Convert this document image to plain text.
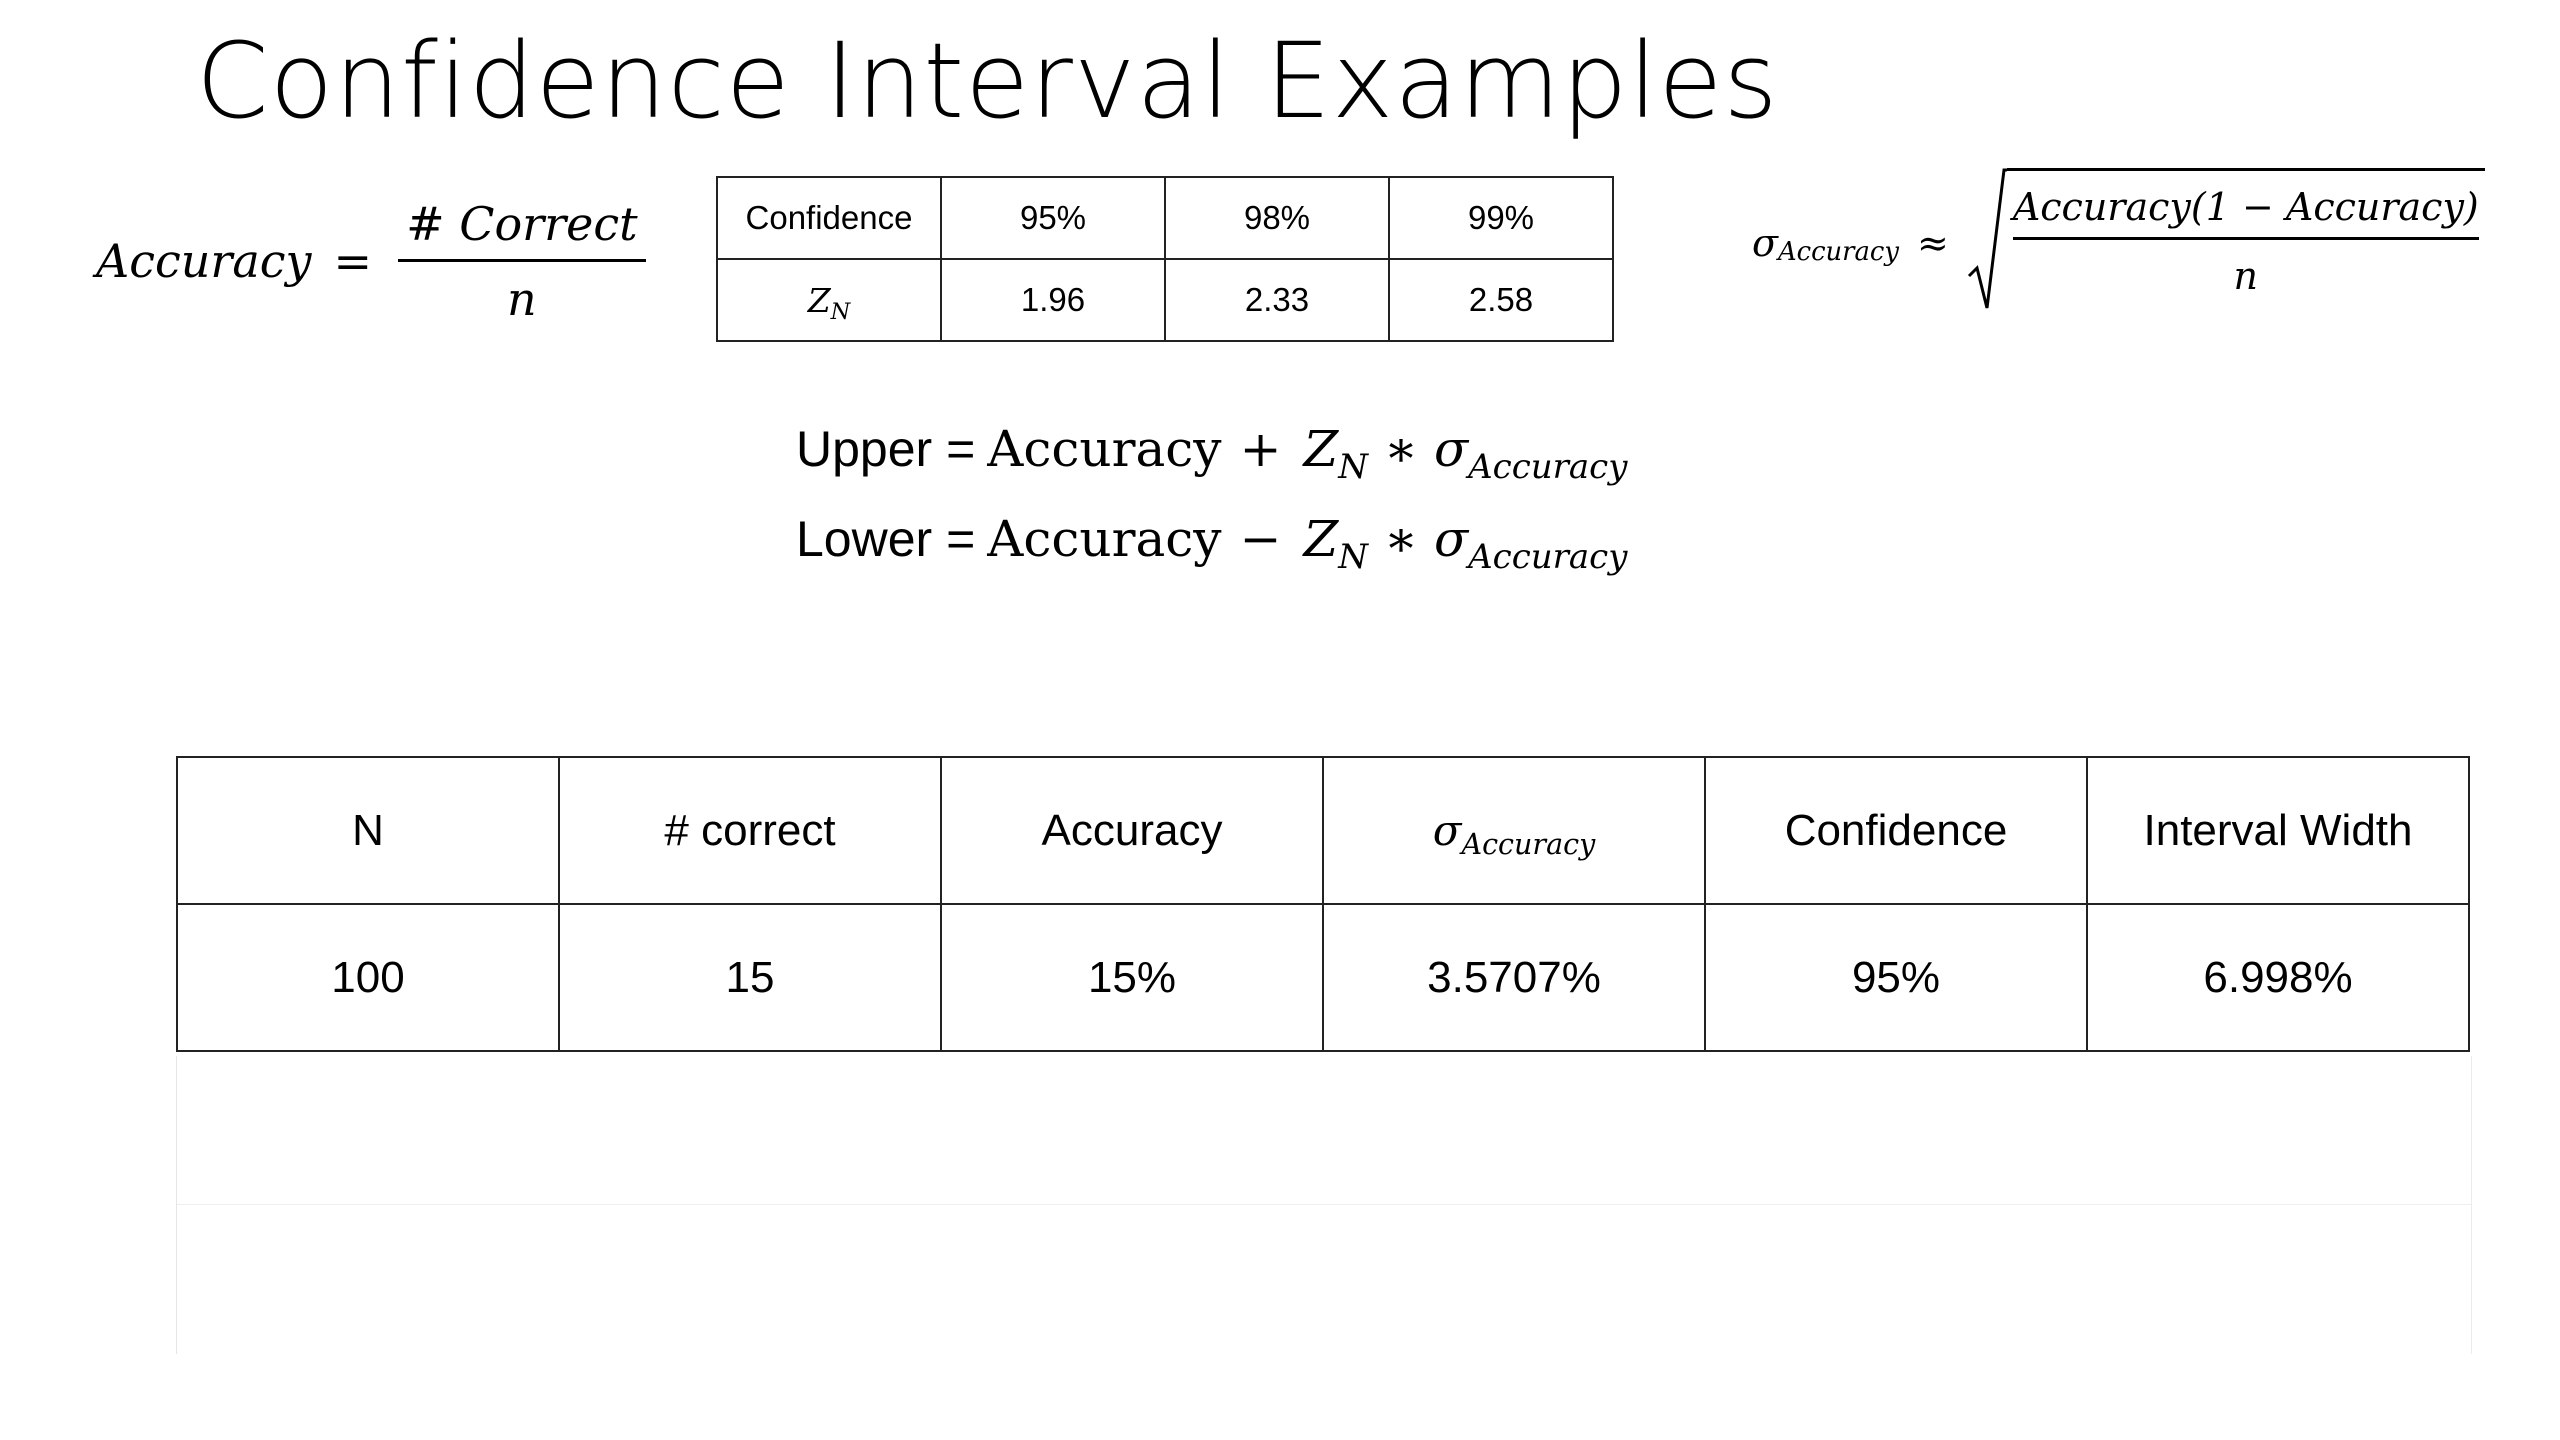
Confidence Interval Examples
Accuracy = $\frac{\text{\# Correct}}{n}$	Confidence	95%	98%	99%
$Z_N$	1.96	2.33	2.58
σ Accuracy ≈ $\frac{\text{Accuracy(1 − Accuracy)}}{n}$
Upper = Accuracy + $Z_N$ ∗ $\sigma_{Accuracy}$
Lower = Accuracy − $Z_N$ ∗ $\sigma_{Accuracy}$
N	# correct	Accuracy	$\sigma_{Accuracy}$	Confidence	Interval Width
100	15	15%	3.5707%	95%	6.998%
